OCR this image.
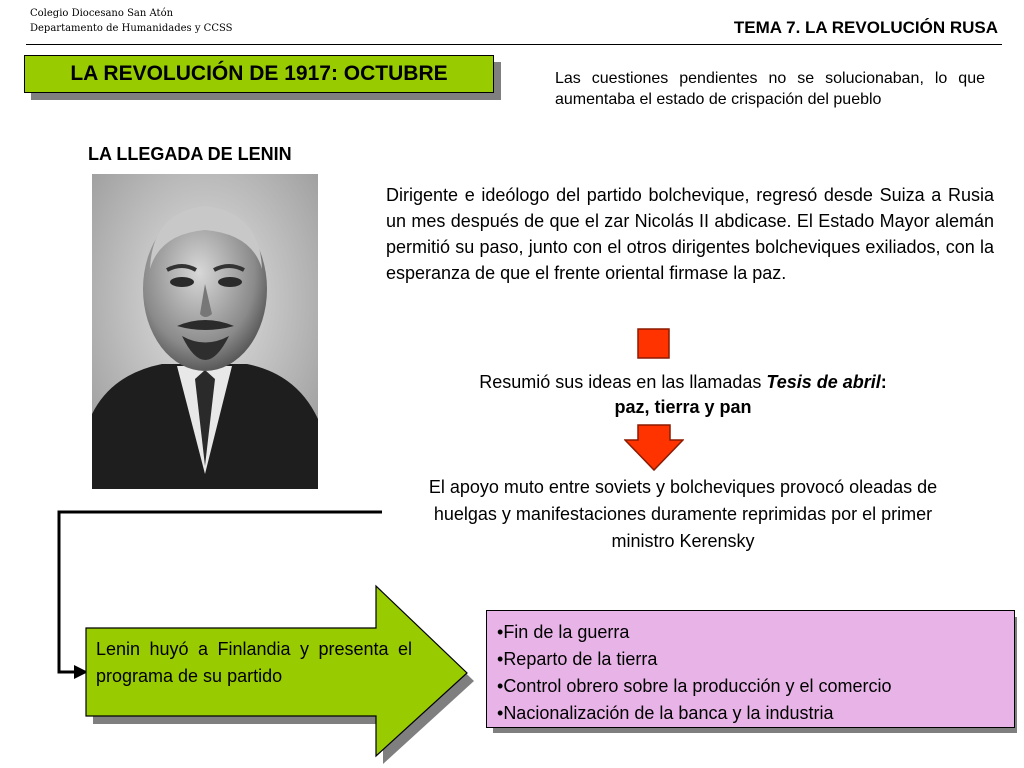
Colegio Diocesano San Atón
Departamento de Humanidades y CCSS	TEMA 7. LA REVOLUCIÓN RUSA
LA REVOLUCIÓN DE 1917: OCTUBRE	Las cuestiones pendientes no se solucionaban, lo que aumentaba el estado de crispación del pueblo
LA LLEGADA DE LENIN
Dirigente e ideólogo del partido bolchevique, regresó desde Suiza a Rusia un mes después de que el zar Nicolás II abdicase. El Estado Mayor alemán permitió su paso, junto con el otros dirigentes bolcheviques exiliados, con la esperanza de que el frente oriental firmase la paz.
Resumió sus ideas en las llamadas Tesis de abril:
paz, tierra y pan
El apoyo muto entre soviets y bolcheviques provocó oleadas de huelgas y manifestaciones duramente reprimidas por el primer ministro Kerensky
Lenin huyó a Finlandia y presenta el programa de su partido
• Fin de la guerra
• Reparto de la tierra
• Control obrero sobre la producción y el comercio
• Nacionalización de la banca y la industria
